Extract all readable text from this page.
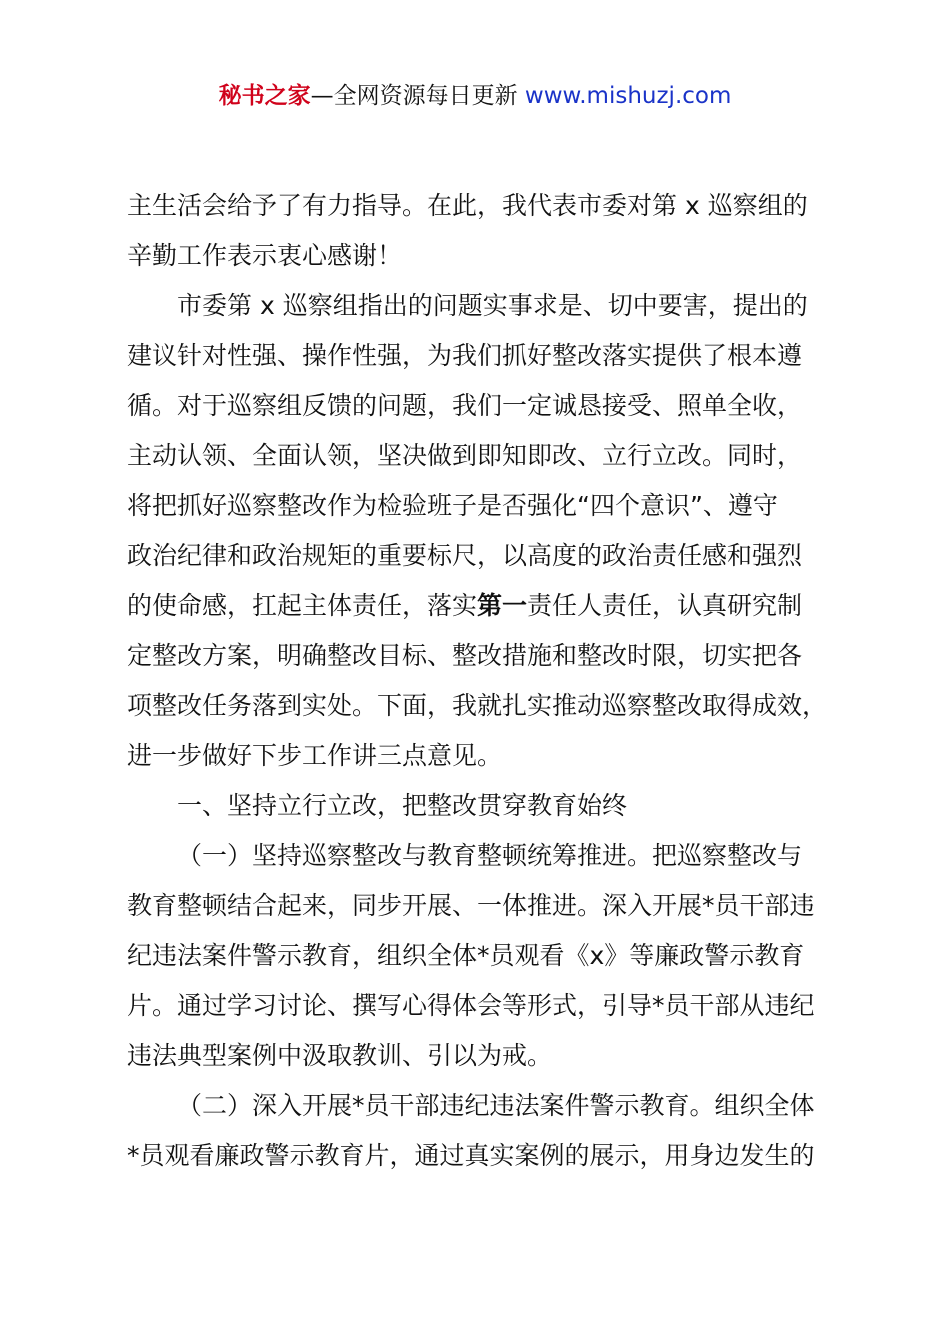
秘书之家—全网资源每日更新 www.mishuzj.com

主生活会给予了有力指导。在此，我代表市委对第 x 巡察组的
辛勤工作表示衷心感谢！

市委第 x 巡察组指出的问题实事求是、切中要害，提出的
建议针对性强、操作性强，为我们抓好整改落实提供了根本遵
循。对于巡察组反馈的问题，我们一定诚恳接受、照单全收，
主动认领、全面认领，坚决做到即知即改、立行立改。同时，
将把抓好巡察整改作为检验班子是否强化“四个意识”、遵守
政治纪律和政治规矩的重要标尺，以高度的政治责任感和强烈
的使命感，扛起主体责任，落实第一责任人责任，认真研究制
定整改方案，明确整改目标、整改措施和整改时限，切实把各
项整改任务落到实处。下面，我就扎实推动巡察整改取得成效，
进一步做好下步工作讲三点意见。

一、坚持立行立改，把整改贯穿教育始终

（一）坚持巡察整改与教育整顿统筹推进。把巡察整改与
教育整顿结合起来，同步开展、一体推进。深入开展*员干部违
纪违法案件警示教育，组织全体*员观看《x》等廉政警示教育
片。通过学习讨论、撰写心得体会等形式，引导*员干部从违纪
违法典型案例中汲取教训、引以为戒。

（二）深入开展*员干部违纪违法案件警示教育。组织全体
*员观看廉政警示教育片，通过真实案例的展示，用身边发生的
